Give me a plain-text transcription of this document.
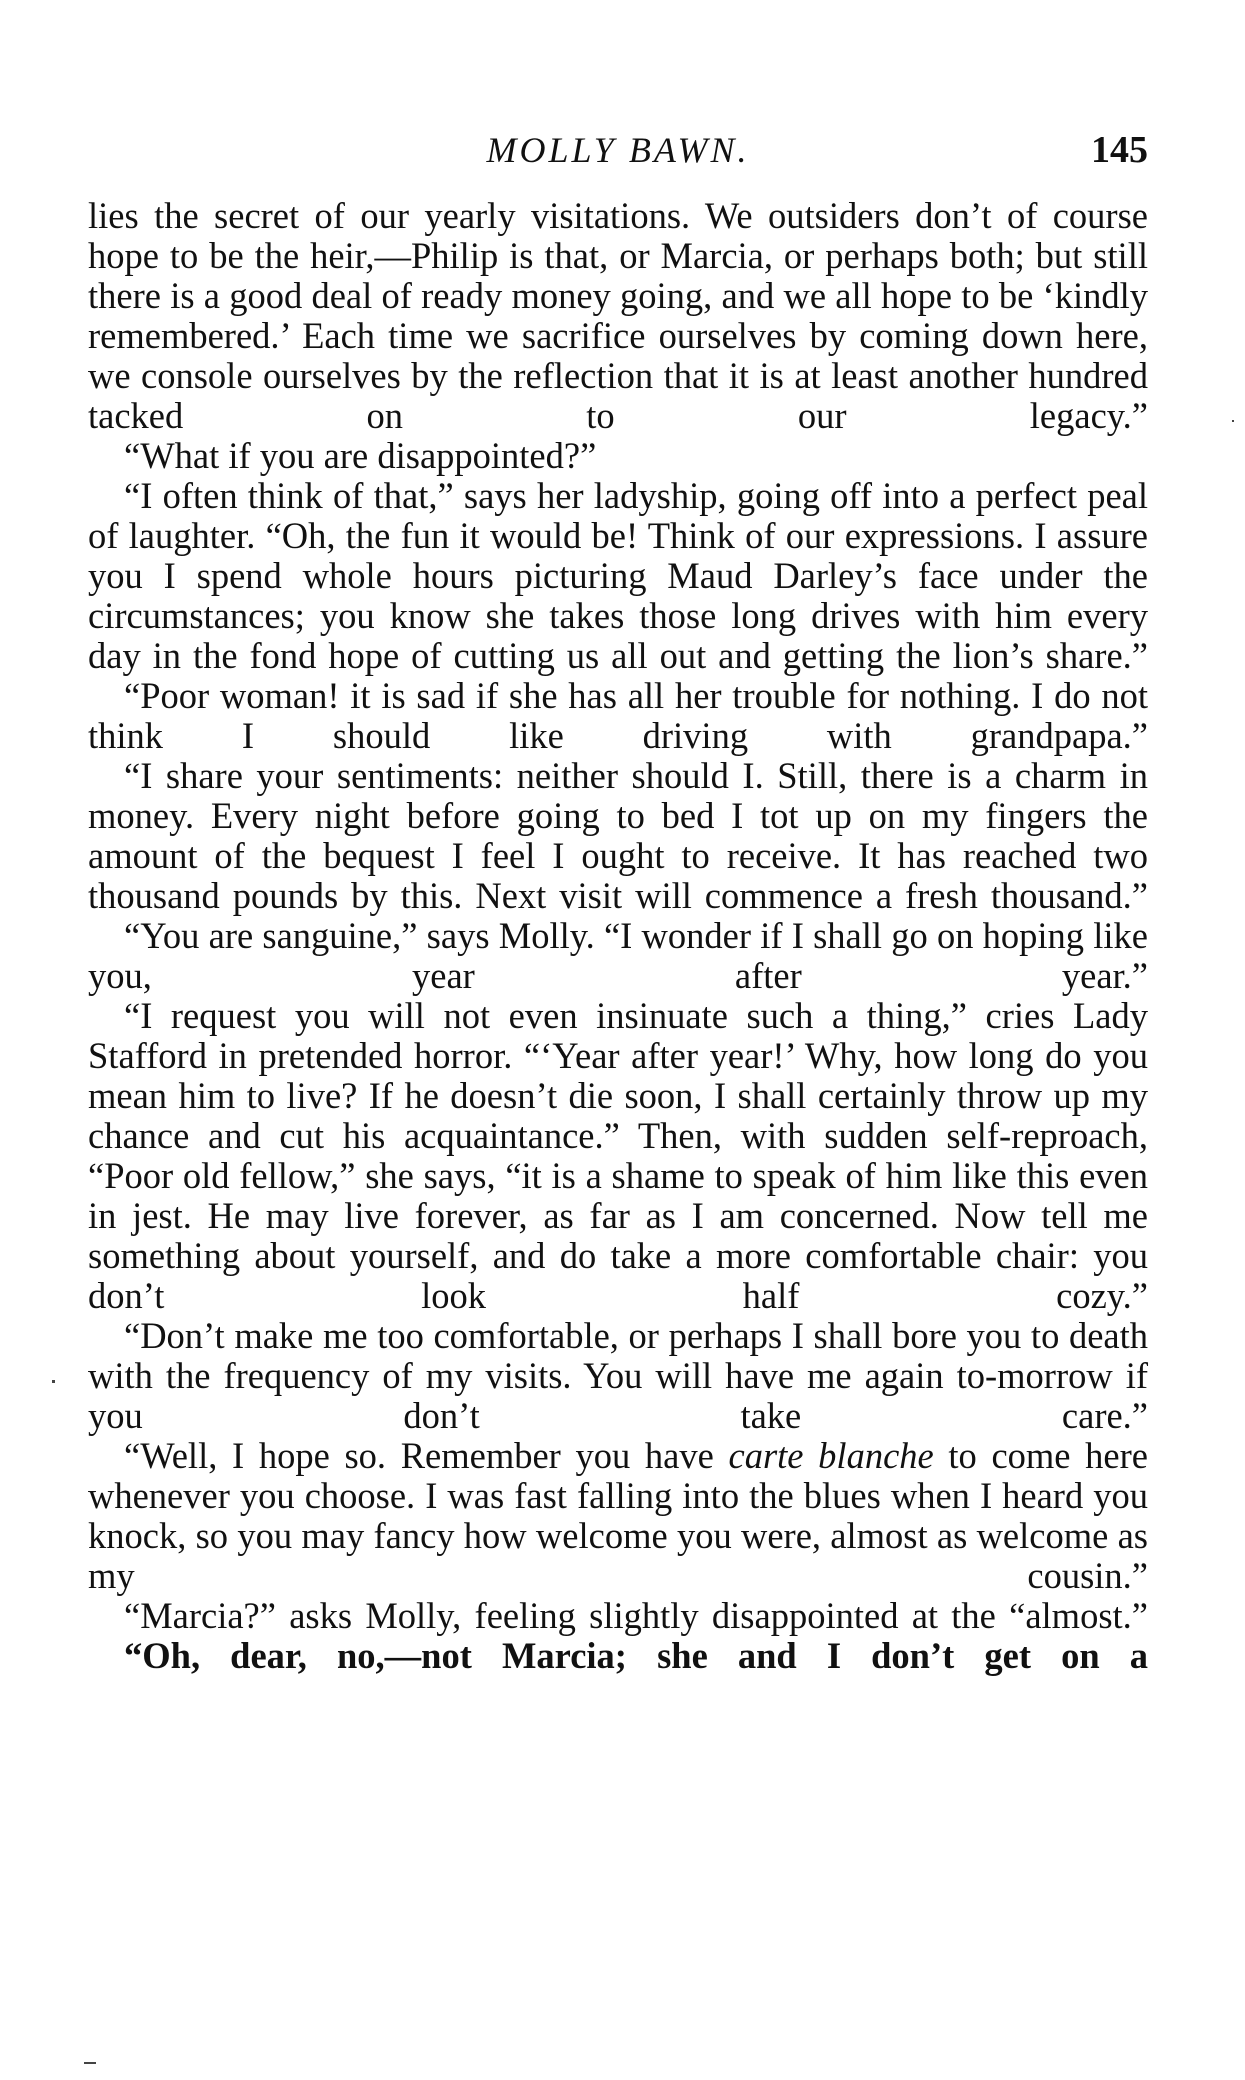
MOLLY BAWN.	145

lies the secret of our yearly visitations. We outsiders don’t of course hope to be the heir,—Philip is that, or Marcia, or perhaps both; but still there is a good deal of ready money going, and we all hope to be ‘kindly remembered.’ Each time we sacrifice ourselves by coming down here, we console ourselves by the reflection that it is at least another hundred tacked on to our legacy.”

“What if you are disappointed?”

“I often think of that,” says her ladyship, going off into a perfect peal of laughter. “Oh, the fun it would be! Think of our expressions. I assure you I spend whole hours picturing Maud Darley’s face under the circumstances; you know she takes those long drives with him every day in the fond hope of cutting us all out and getting the lion’s share.”

“Poor woman! it is sad if she has all her trouble for nothing. I do not think I should like driving with grandpapa.”

“I share your sentiments: neither should I. Still, there is a charm in money. Every night before going to bed I tot up on my fingers the amount of the bequest I feel I ought to receive. It has reached two thousand pounds by this. Next visit will commence a fresh thousand.”

“You are sanguine,” says Molly. “I wonder if I shall go on hoping like you, year after year.”

“I request you will not even insinuate such a thing,” cries Lady Stafford in pretended horror. “‘Year after year!’ Why, how long do you mean him to live? If he doesn’t die soon, I shall certainly throw up my chance and cut his acquaintance.” Then, with sudden self-reproach, “Poor old fellow,” she says, “it is a shame to speak of him like this even in jest. He may live forever, as far as I am concerned. Now tell me something about yourself, and do take a more comfortable chair: you don’t look half cozy.”

“Don’t make me too comfortable, or perhaps I shall bore you to death with the frequency of my visits. You will have me again to-morrow if you don’t take care.”

“Well, I hope so. Remember you have carte blanche to come here whenever you choose. I was fast falling into the blues when I heard you knock, so you may fancy how welcome you were, almost as welcome as my cousin.”

“Marcia?” asks Molly, feeling slightly disappointed at the “almost.”

“Oh, dear, no,—not Marcia; she and I don’t get on a
